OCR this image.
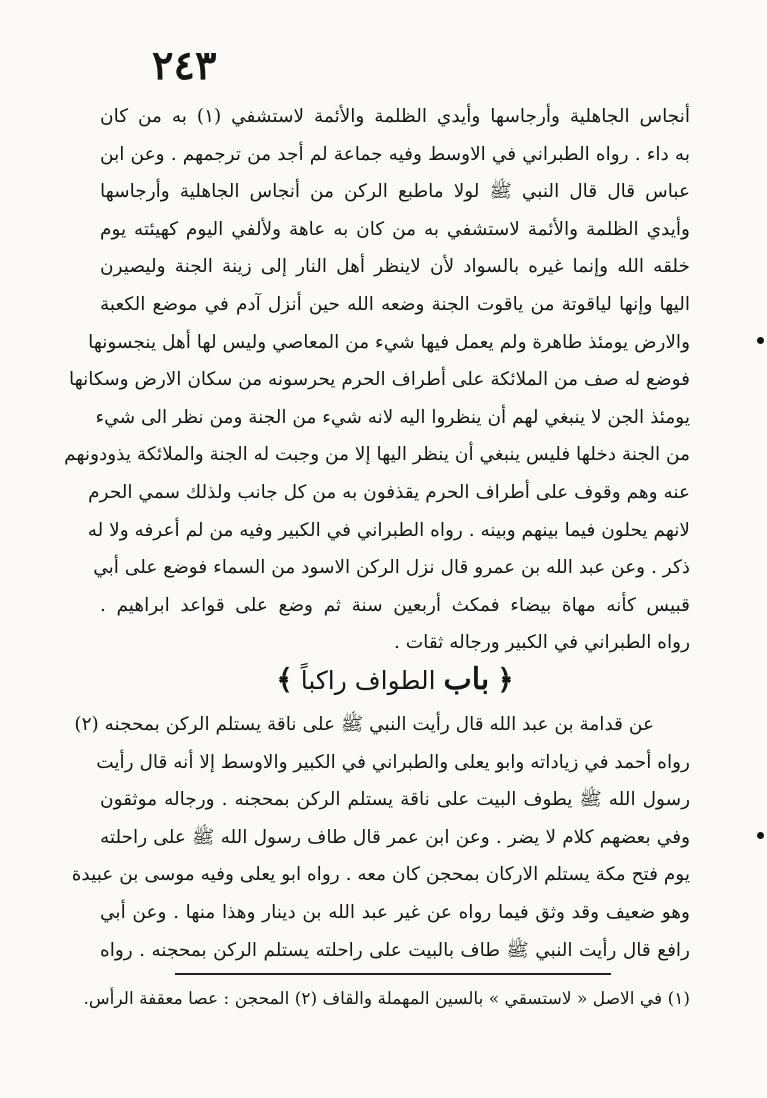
٢٤٣
أنجاس الجاهلية وأرجاسها وأيدي الظلمة والأئمة لاستشفي (١) به من كان
به داء . رواه الطبراني في الاوسط وفيه جماعة لم أجد من ترجمهم . وعن ابن
عباس قال قال النبي ﷺ لولا ماطبع الركن من أنجاس الجاهلية وأرجاسها
وأيدي الظلمة والأئمة لاستشفي به من كان به عاهة ولألفي اليوم كهيئته يوم
خلقه الله وإنما غيره بالسواد لأن لاينظر أهل النار إلى زينة الجنة وليصيرن
اليها وإنها لياقوتة من ياقوت الجنة وضعه الله حين أنزل آدم في موضع الكعبة
والارض يومئذ طاهرة ولم يعمل فيها شيء من المعاصي وليس لها أهل ينجسونها
فوضع له صف من الملائكة على أطراف الحرم يحرسونه من سكان الارض وسكانها
يومئذ الجن لا ينبغي لهم أن ينظروا اليه لانه شيء من الجنة ومن نظر الى شيء
من الجنة دخلها فليس ينبغي أن ينظر اليها إلا من وجبت له الجنة والملائكة يذودونهم
عنه وهم وقوف على أطراف الحرم يقذفون به من كل جانب ولذلك سمي الحرم
لانهم يحلون فيما بينهم وبينه . رواه الطبراني في الكبير وفيه من لم أعرفه ولا له
ذكر . وعن عبد الله بن عمرو قال نزل الركن الاسود من السماء فوضع على أبي
قبيس كأنه مهاة بيضاء فمكث أربعين سنة ثم وضع على قواعد ابراهيم .
رواه الطبراني في الكبير ورجاله ثقات .
﴿ باب الطواف راكباً ﴾
عن قدامة بن عبد الله قال رأيت النبي ﷺ على ناقة يستلم الركن بمحجنه (٢)
رواه أحمد في زياداته وابو يعلى والطبراني في الكبير والاوسط إلا أنه قال رأيت
رسول الله ﷺ يطوف البيت على ناقة يستلم الركن بمحجنه . ورجاله موثقون
وفي بعضهم كلام لا يضر . وعن ابن عمر قال طاف رسول الله ﷺ على راحلته
يوم فتح مكة يستلم الاركان بمحجن كان معه . رواه ابو يعلى وفيه موسى بن عبيدة
وهو ضعيف وقد وثق فيما رواه عن غير عبد الله بن دينار وهذا منها . وعن أبي
رافع قال رأيت النبي ﷺ طاف بالبيت على راحلته يستلم الركن بمحجنه . رواه
(١) في الاصل « لاستسقي » بالسين المهملة والقاف (٢) المحجن : عصا معقفة الرأس.
